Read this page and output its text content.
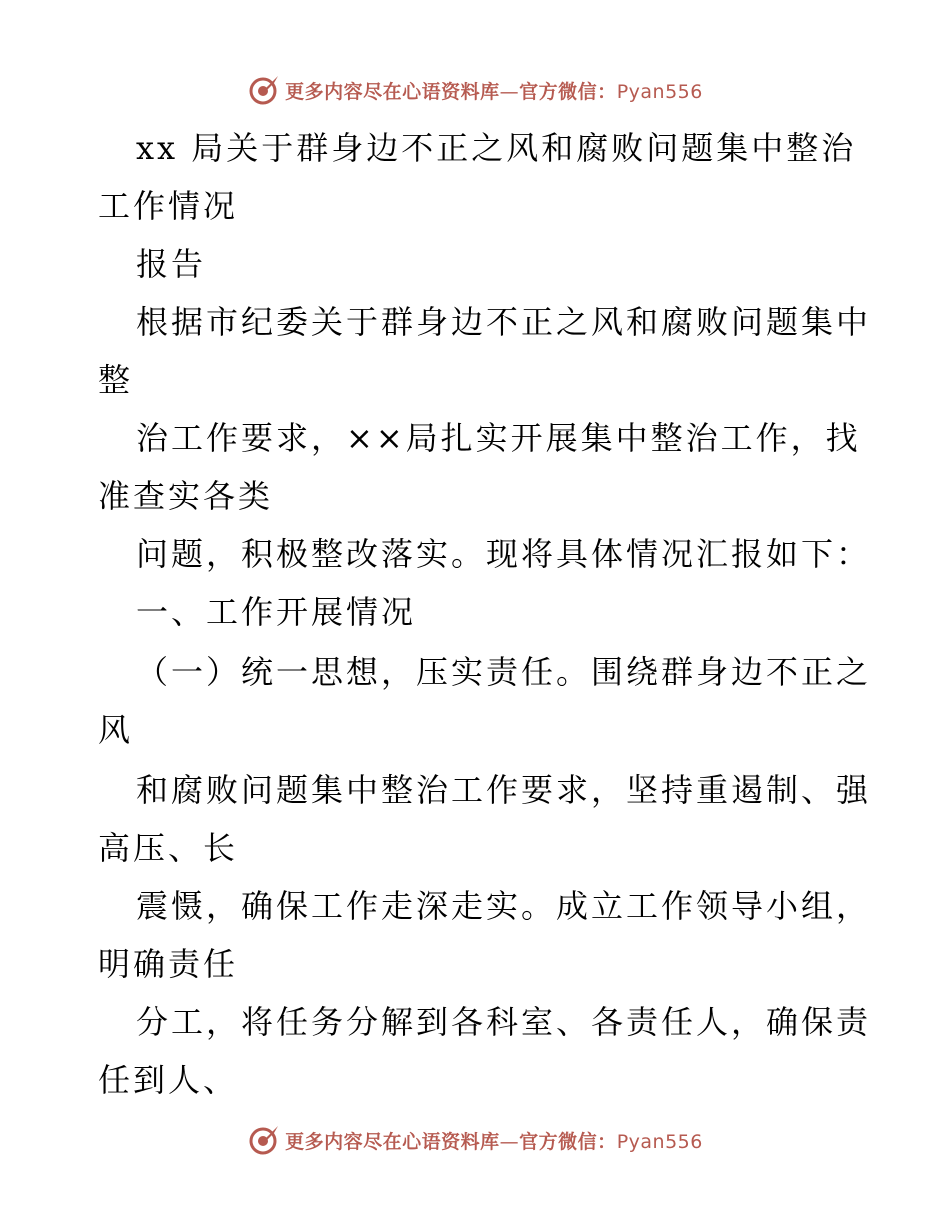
更多内容尽在心语资料库—官方微信：Pyan556
xx 局关于群身边不正之风和腐败问题集中整治
工作情况
报告
根据市纪委关于群身边不正之风和腐败问题集中
整
治工作要求，××局扎实开展集中整治工作，找
准查实各类
问题，积极整改落实。现将具体情况汇报如下：
一、工作开展情况
（一）统一思想，压实责任。围绕群身边不正之
风
和腐败问题集中整治工作要求，坚持重遏制、强
高压、长
震慑，确保工作走深走实。成立工作领导小组，
明确责任
分工，将任务分解到各科室、各责任人，确保责
任到人、
更多内容尽在心语资料库—官方微信：Pyan556
